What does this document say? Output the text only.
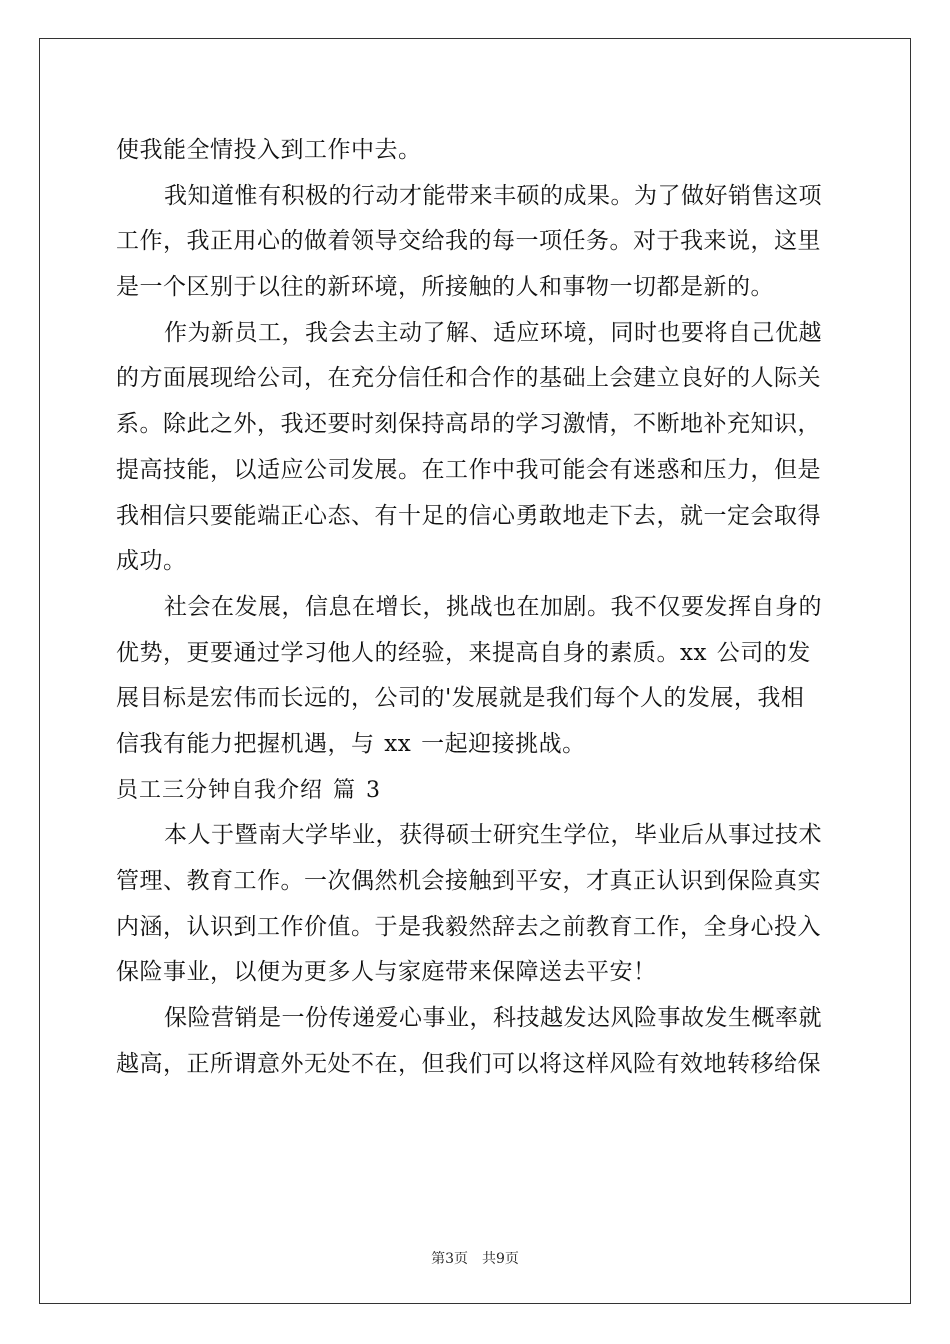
使我能全情投入到工作中去。
我知道惟有积极的行动才能带来丰硕的成果。为了做好销售这项
工作，我正用心的做着领导交给我的每一项任务。对于我来说，这里
是一个区别于以往的新环境，所接触的人和事物一切都是新的。
作为新员工，我会去主动了解、适应环境，同时也要将自己优越
的方面展现给公司，在充分信任和合作的基础上会建立良好的人际关
系。除此之外，我还要时刻保持高昂的学习激情，不断地补充知识，
提高技能，以适应公司发展。在工作中我可能会有迷惑和压力，但是
我相信只要能端正心态、有十足的信心勇敢地走下去，就一定会取得
成功。
社会在发展，信息在增长，挑战也在加剧。我不仅要发挥自身的
优势，更要通过学习他人的经验，来提高自身的素质。xx 公司的发
展目标是宏伟而长远的，公司的'发展就是我们每个人的发展，我相
信我有能力把握机遇，与 xx 一起迎接挑战。
员工三分钟自我介绍 篇 3
本人于暨南大学毕业，获得硕士研究生学位，毕业后从事过技术
管理、教育工作。一次偶然机会接触到平安，才真正认识到保险真实
内涵，认识到工作价值。于是我毅然辞去之前教育工作，全身心投入
保险事业，以便为更多人与家庭带来保障送去平安！
保险营销是一份传递爱心事业，科技越发达风险事故发生概率就
越高，正所谓意外无处不在，但我们可以将这样风险有效地转移给保
第3页 共9页
